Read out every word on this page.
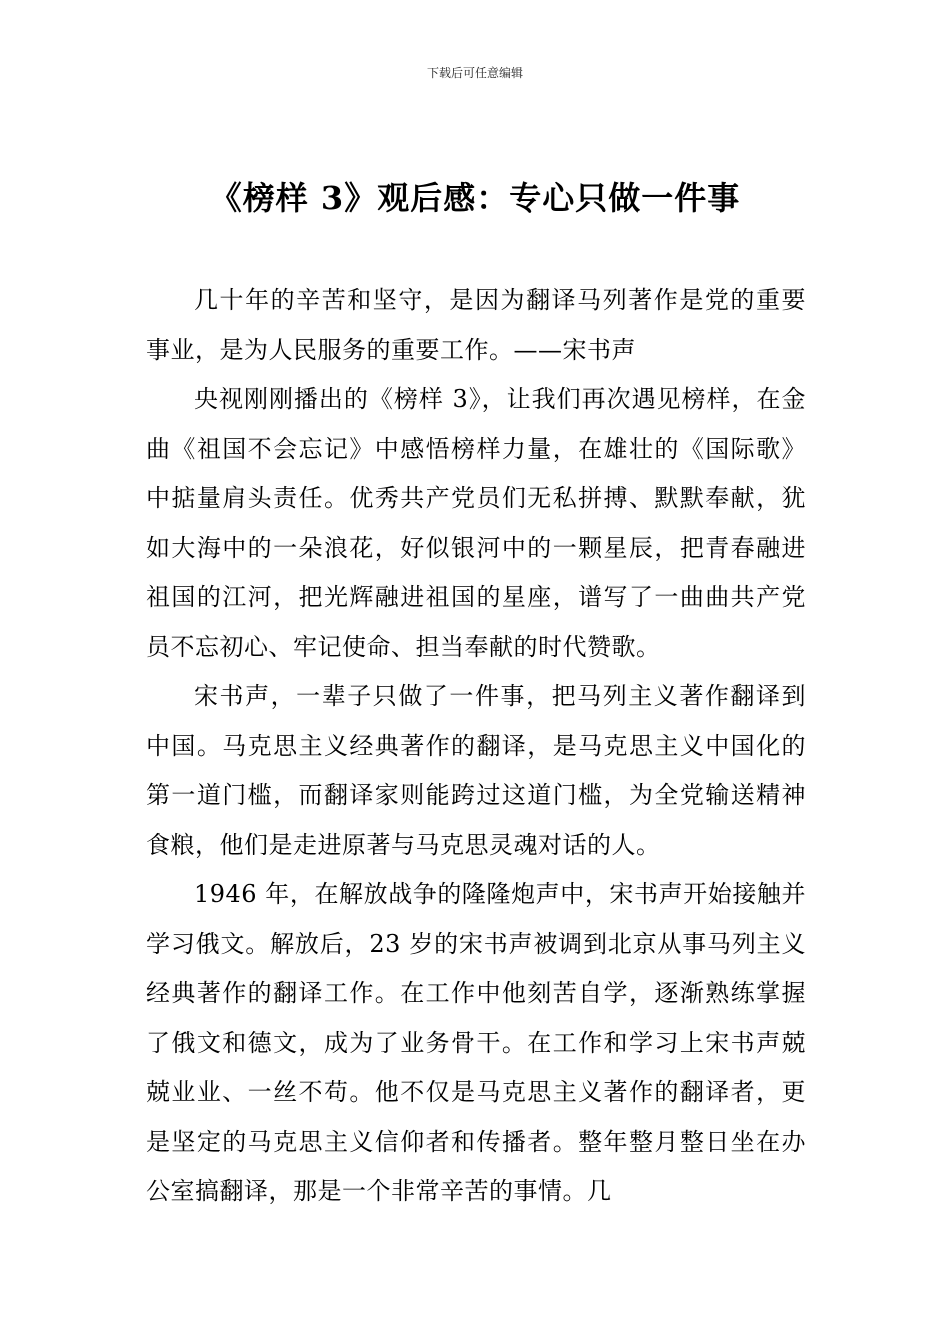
下载后可任意编辑
《榜样 3》观后感：专心只做一件事

几十年的辛苦和坚守，是因为翻译马列著作是党的重要事业，是为人民服务的重要工作。——宋书声

央视刚刚播出的《榜样 3》，让我们再次遇见榜样，在金曲《祖国不会忘记》中感悟榜样力量，在雄壮的《国际歌》中掂量肩头责任。优秀共产党员们无私拼搏、默默奉献，犹如大海中的一朵浪花，好似银河中的一颗星辰，把青春融进祖国的江河，把光辉融进祖国的星座，谱写了一曲曲共产党员不忘初心、牢记使命、担当奉献的时代赞歌。

宋书声，一辈子只做了一件事，把马列主义著作翻译到中国。马克思主义经典著作的翻译，是马克思主义中国化的第一道门槛，而翻译家则能跨过这道门槛，为全党输送精神食粮，他们是走进原著与马克思灵魂对话的人。

1946 年，在解放战争的隆隆炮声中，宋书声开始接触并学习俄文。解放后，23 岁的宋书声被调到北京从事马列主义经典著作的翻译工作。在工作中他刻苦自学，逐渐熟练掌握了俄文和德文，成为了业务骨干。在工作和学习上宋书声兢兢业业、一丝不苟。他不仅是马克思主义著作的翻译者，更是坚定的马克思主义信仰者和传播者。整年整月整日坐在办公室搞翻译，那是一个非常辛苦的事情。几
